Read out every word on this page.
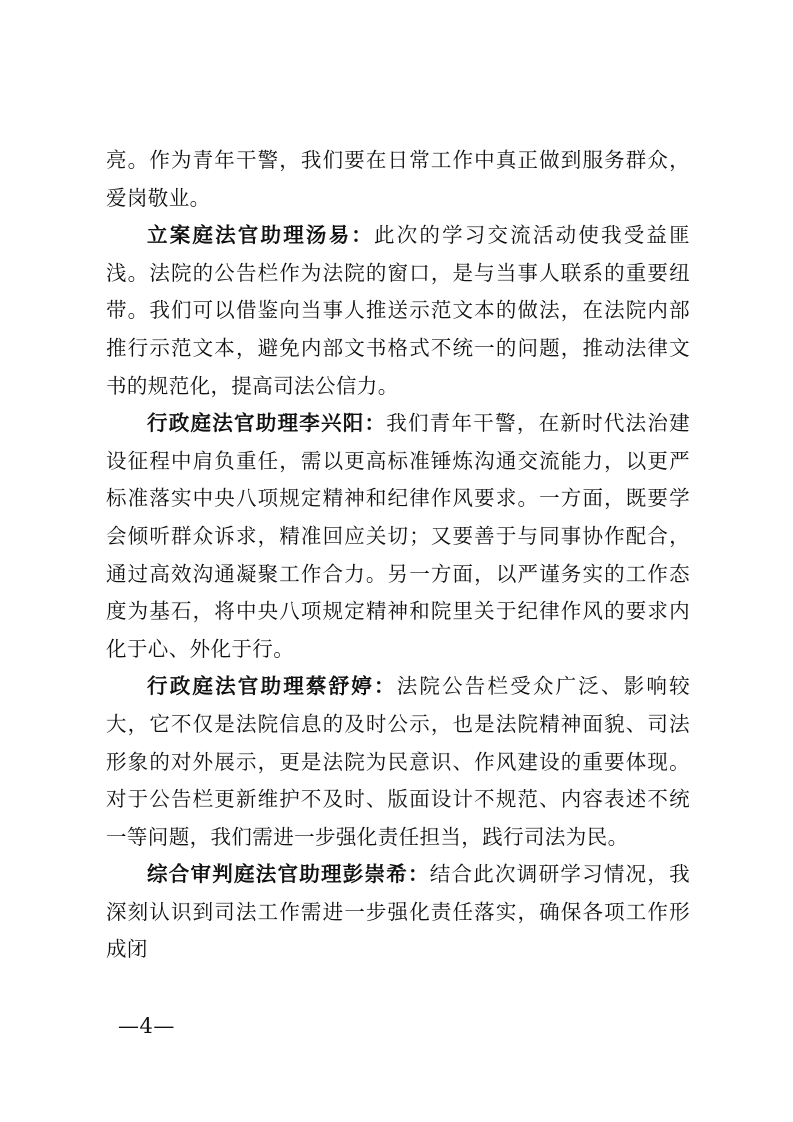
亮。作为青年干警，我们要在日常工作中真正做到服务群众，爱岗敬业。

立案庭法官助理汤易：此次的学习交流活动使我受益匪浅。法院的公告栏作为法院的窗口，是与当事人联系的重要纽带。我们可以借鉴向当事人推送示范文本的做法，在法院内部推行示范文本，避免内部文书格式不统一的问题，推动法律文书的规范化，提高司法公信力。

行政庭法官助理李兴阳：我们青年干警，在新时代法治建设征程中肩负重任，需以更高标准锤炼沟通交流能力，以更严标准落实中央八项规定精神和纪律作风要求。一方面，既要学会倾听群众诉求，精准回应关切；又要善于与同事协作配合，通过高效沟通凝聚工作合力。另一方面，以严谨务实的工作态度为基石，将中央八项规定精神和院里关于纪律作风的要求内化于心、外化于行。

行政庭法官助理蔡舒婷：法院公告栏受众广泛、影响较大，它不仅是法院信息的及时公示，也是法院精神面貌、司法形象的对外展示，更是法院为民意识、作风建设的重要体现。对于公告栏更新维护不及时、版面设计不规范、内容表述不统一等问题，我们需进一步强化责任担当，践行司法为民。

综合审判庭法官助理彭崇希：结合此次调研学习情况，我深刻认识到司法工作需进一步强化责任落实，确保各项工作形成闭

—4—
